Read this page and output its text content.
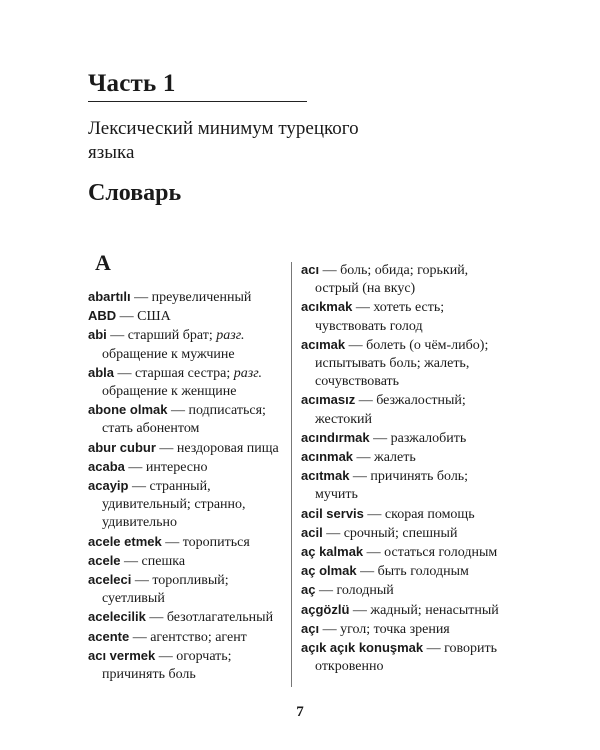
Часть 1
Лексический минимум турецкого языка
Словарь
A

abartılı — преувеличенный

ABD — США

abi — старший брат; разг. обращение к мужчине

abla — старшая сестра; разг. обращение к женщине

abone olmak — подписаться; стать абонентом

abur cubur — нездоровая пища

acaba — интересно

acayip — странный, удивительный; странно, удивительно

acele etmek — торопиться

acele — спешка

aceleci — торопливый; суетливый

acelecilik — безотлагательный

acente — агентство; агент

acı vermek — огорчать; причинять боль

acı — боль; обида; горький, острый (на вкус)

acıkmak — хотеть есть; чувствовать голод

acımak — болеть (о чём-либо); испытывать боль; жалеть, сочувствовать

acımasız — безжалостный; жестокий

acındırmak — разжалобить

acınmak — жалеть

acıtmak — причинять боль; мучить

acil servis — скорая помощь

acil — срочный; спешный

aç kalmak — остаться голодным

aç olmak — быть голодным

aç — голодный

açgözlü — жадный; ненасытный

açı — угол; точка зрения

açık açık konuşmak — говорить откровенно

7
